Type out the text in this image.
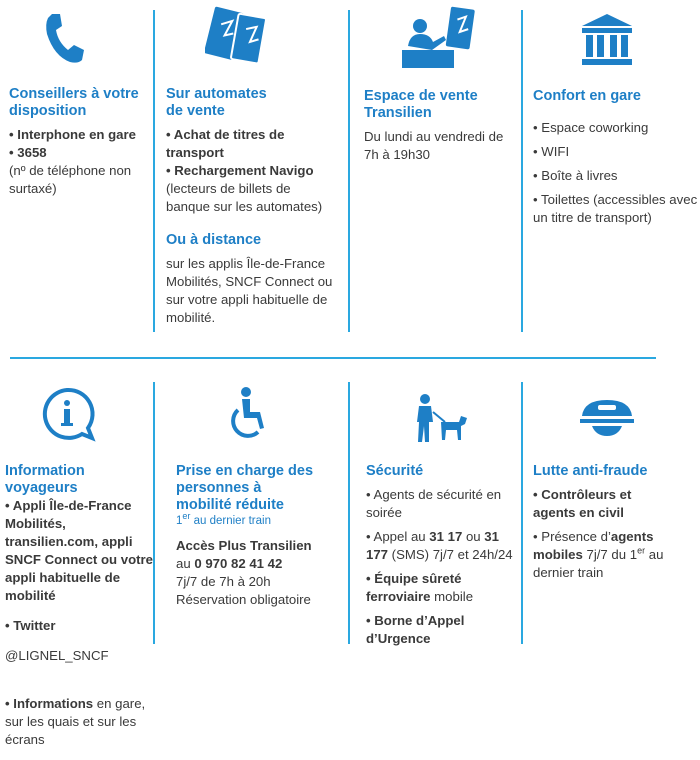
Conseillers à votre disposition

• Interphone en gare

• 3658

(nº de téléphone non surtaxé)

Sur automates de vente

• Achat de titres de transport

• Rechargement Navigo (lecteurs de billets de banque sur les automates)

Ou à distance

sur les applis Île-de-France Mobilités, SNCF Connect ou sur votre appli habituelle de mobilité.

Espace de vente Transilien

Du lundi au vendredi de 7h à 19h30

Confort en gare

• Espace coworking

• WIFI

• Boîte à livres

• Toilettes (accessibles avec un titre de transport)

Information voyageurs

• Appli Île-de-France Mobilités, transilien.com, appli SNCF Connect ou votre appli habituelle de mobilité

• Twitter

@LIGNEL_SNCF

• Informations en gare, sur les quais et sur les écrans

Prise en charge des personnes à mobilité réduite

1er au dernier train

Accès Plus Transilien

au 0 970 82 41 42

7j/7 de 7h à 20h

Réservation obligatoire

Sécurité

• Agents de sécurité en soirée

• Appel au 31 17 ou 31 177 (SMS) 7j/7 et 24h/24

• Équipe sûreté ferroviaire mobile

• Borne d’Appel d’Urgence

Lutte anti-fraude

• Contrôleurs et agents en civil

• Présence d’agents mobiles 7j/7 du 1er au dernier train
